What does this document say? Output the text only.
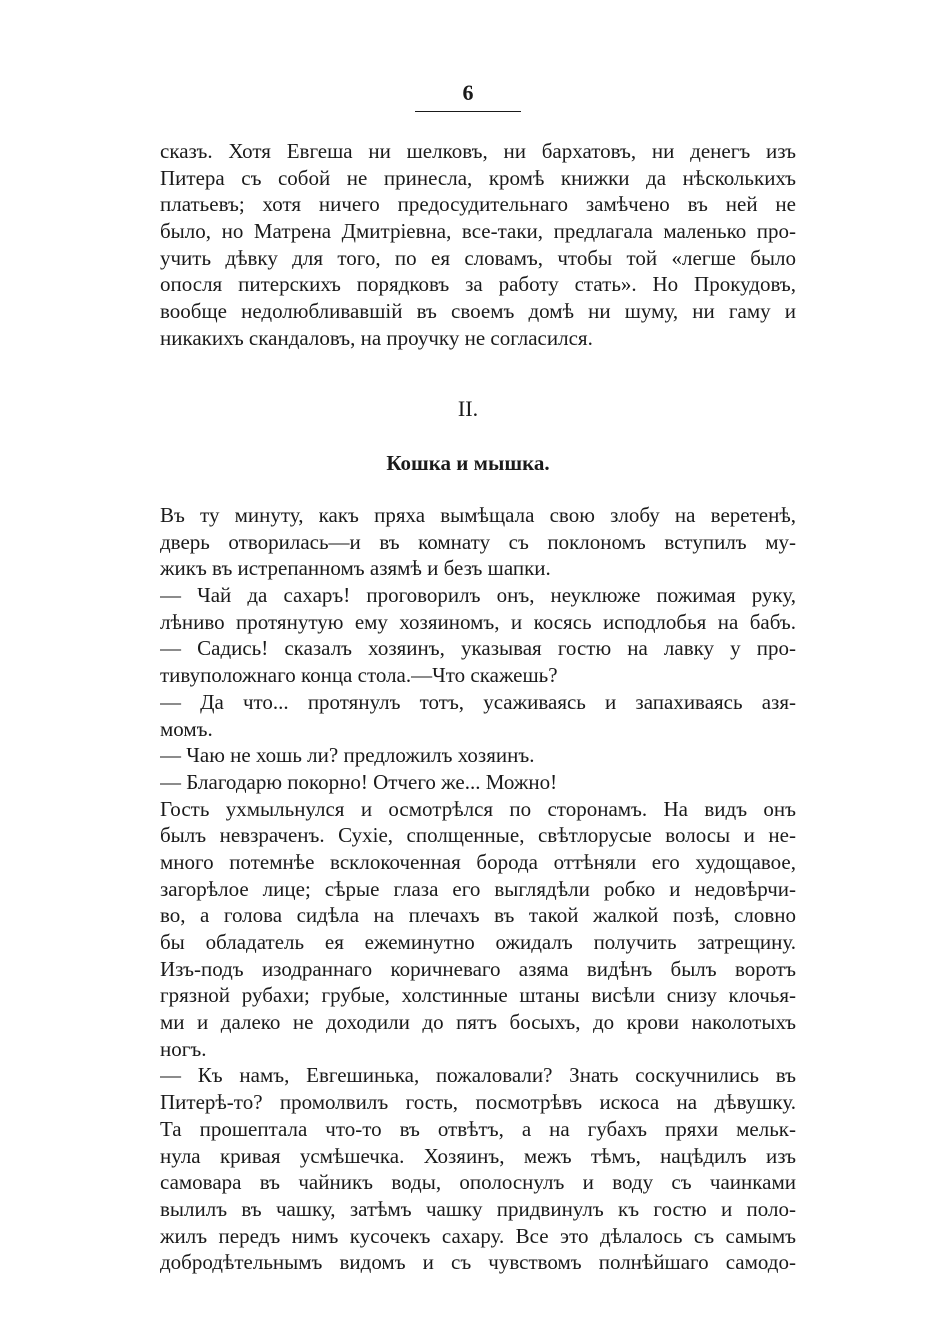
6
сказъ. Хотя Евгеша ни шелковъ, ни бархатовъ, ни денегъ изъ
Питера съ собой не принесла, кромѣ книжки да нѣсколькихъ
платьевъ; хотя ничего предосудительнаго замѣчено въ ней не
было, но Матрена Дмитріевна, все-таки, предлагала маленько про-
учить дѣвку для того, по ея словамъ, чтобы той «легше было
опосля питерскихъ порядковъ за работу стать». Но Прокудовъ,
вообще недолюбливавшій въ своемъ домѣ ни шуму, ни гаму и
никакихъ скандаловъ, на проучку не согласился.
II.
Кошка и мышка.
Въ ту минуту, какъ пряха вымѣщала свою злобу на веретенѣ,
дверь отворилась—и въ комнату съ поклономъ вступилъ му-
жикъ въ истрепанномъ азямѣ и безъ шапки.
— Чай да сахаръ! проговорилъ онъ, неуклюже пожимая руку,
лѣниво протянутую ему хозяиномъ, и косясь исподлобья на бабъ.
— Садись! сказалъ хозяинъ, указывая гостю на лавку у про-
тивуположнаго конца стола.—Что скажешь?
— Да что... протянулъ тотъ, усаживаясь и запахиваясь азя-
момъ.
— Чаю не хошь ли? предложилъ хозяинъ.
— Благодарю покорно! Отчего же... Можно!
Гость ухмыльнулся и осмотрѣлся по сторонамъ. На видъ онъ
былъ невзраченъ. Сухіе, сполщенные, свѣтлорусые волосы и не-
много потемнѣе всклокоченная борода оттѣняли его худощавое,
загорѣлое лице; сѣрые глаза его выглядѣли робко и недовѣрчи-
во, а голова сидѣла на плечахъ въ такой жалкой позѣ, словно
бы обладатель ея ежеминутно ожидалъ получить затрещину.
Изъ-подъ изодраннаго коричневаго азяма видѣнъ былъ воротъ
грязной рубахи; грубые, холстинные штаны висѣли снизу клочья-
ми и далеко не доходили до пятъ босыхъ, до крови наколотыхъ
ногъ.
— Къ намъ, Евгешинька, пожаловали? Знать соскучнились въ
Питерѣ-то? промолвилъ гость, посмотрѣвъ искоса на дѣвушку.
Та прошептала что-то въ отвѣтъ, а на губахъ пряхи мельк-
нула кривая усмѣшечка. Хозяинъ, межъ тѣмъ, нацѣдилъ изъ
самовара въ чайникъ воды, ополоснулъ и воду съ чаинками
вылилъ въ чашку, затѣмъ чашку придвинулъ къ гостю и поло-
жилъ передъ нимъ кусочекъ сахару. Все это дѣлалось съ самымъ
добродѣтельнымъ видомъ и съ чувствомъ полнѣйшаго самодо-
